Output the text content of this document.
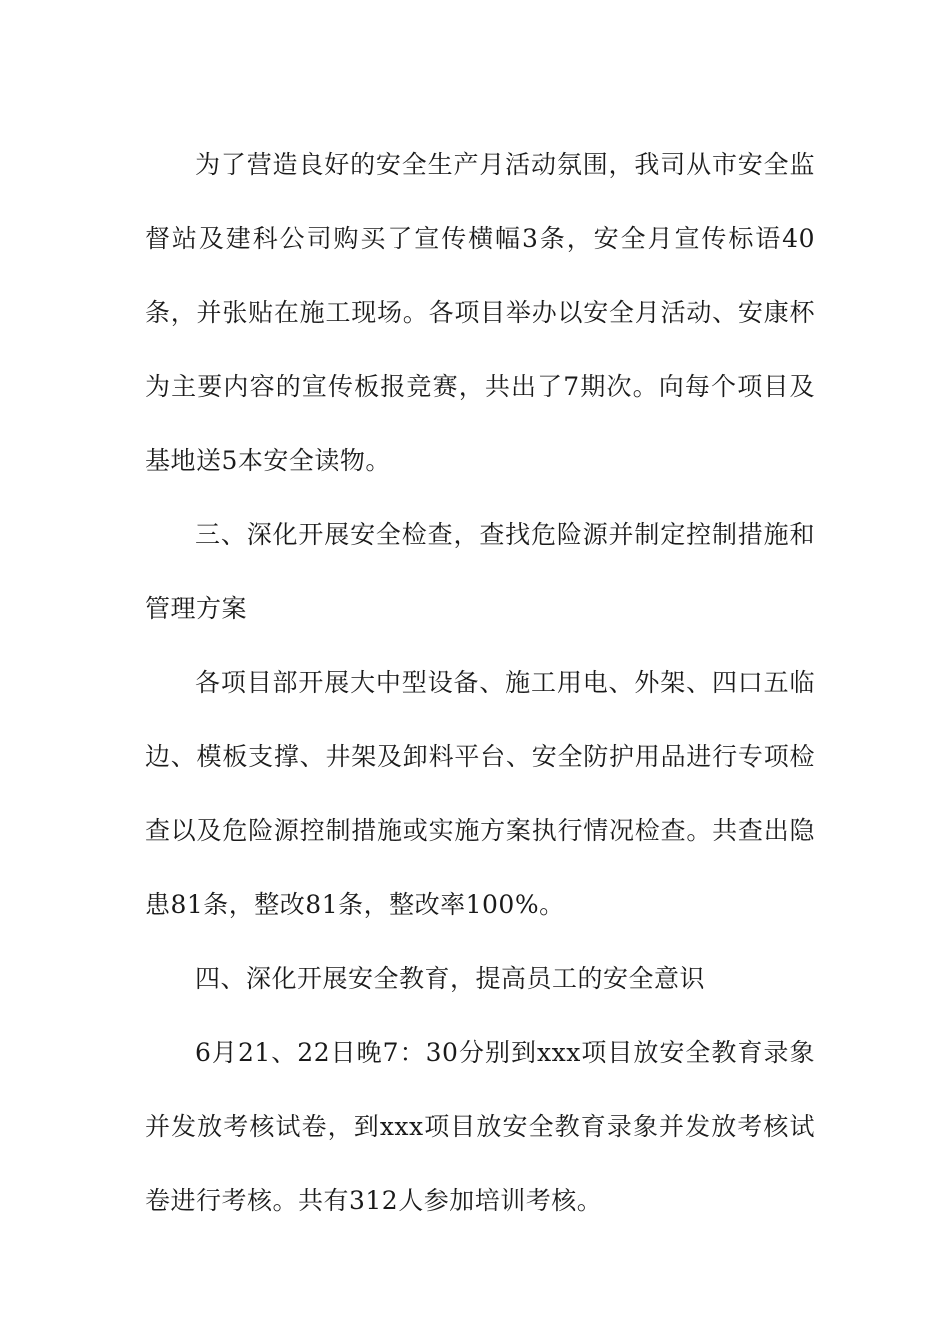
为了营造良好的安全生产月活动氛围，我司从市安全监督站及建科公司购买了宣传横幅3条，安全月宣传标语40条，并张贴在施工现场。各项目举办以安全月活动、安康杯为主要内容的宣传板报竞赛，共出了7期次。向每个项目及基地送5本安全读物。

三、深化开展安全检查，查找危险源并制定控制措施和管理方案

各项目部开展大中型设备、施工用电、外架、四口五临边、模板支撑、井架及卸料平台、安全防护用品进行专项检查以及危险源控制措施或实施方案执行情况检查。共查出隐患81条，整改81条，整改率100%。

四、深化开展安全教育，提高员工的安全意识

6月21、22日晚7：30分别到xxx项目放安全教育录象并发放考核试卷，到xxx项目放安全教育录象并发放考核试卷进行考核。共有312人参加培训考核。
